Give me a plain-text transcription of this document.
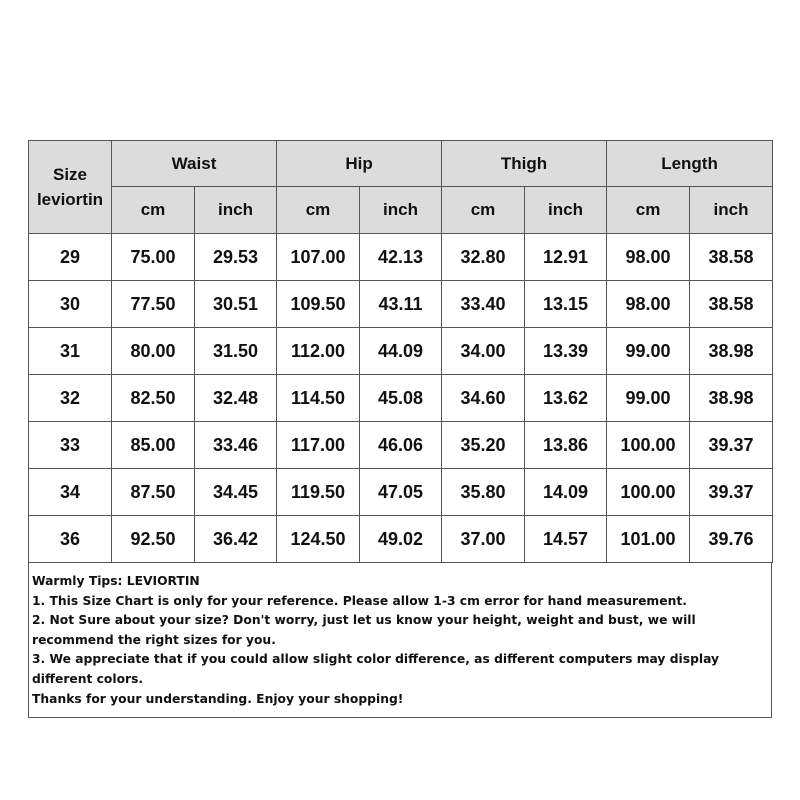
Size
leviortin	Waist		Hip		Thigh		Length	
	cm	inch	cm	inch	cm	inch	cm	inch
29	75.00	29.53	107.00	42.13	32.80	12.91	98.00	38.58
30	77.50	30.51	109.50	43.11	33.40	13.15	98.00	38.58
31	80.00	31.50	112.00	44.09	34.00	13.39	99.00	38.98
32	82.50	32.48	114.50	45.08	34.60	13.62	99.00	38.98
33	85.00	33.46	117.00	46.06	35.20	13.86	100.00	39.37
34	87.50	34.45	119.50	47.05	35.80	14.09	100.00	39.37
36	92.50	36.42	124.50	49.02	37.00	14.57	101.00	39.76
Warmly Tips: LEVIORTIN
1. This Size Chart is only for your reference. Please allow 1-3 cm error for hand measurement.
2. Not Sure about your size? Don't worry, just let us know your height, weight and bust, we will recommend the right sizes for you.
3. We appreciate that if you could allow slight color difference, as different computers may display different colors.
Thanks for your understanding. Enjoy your shopping!
